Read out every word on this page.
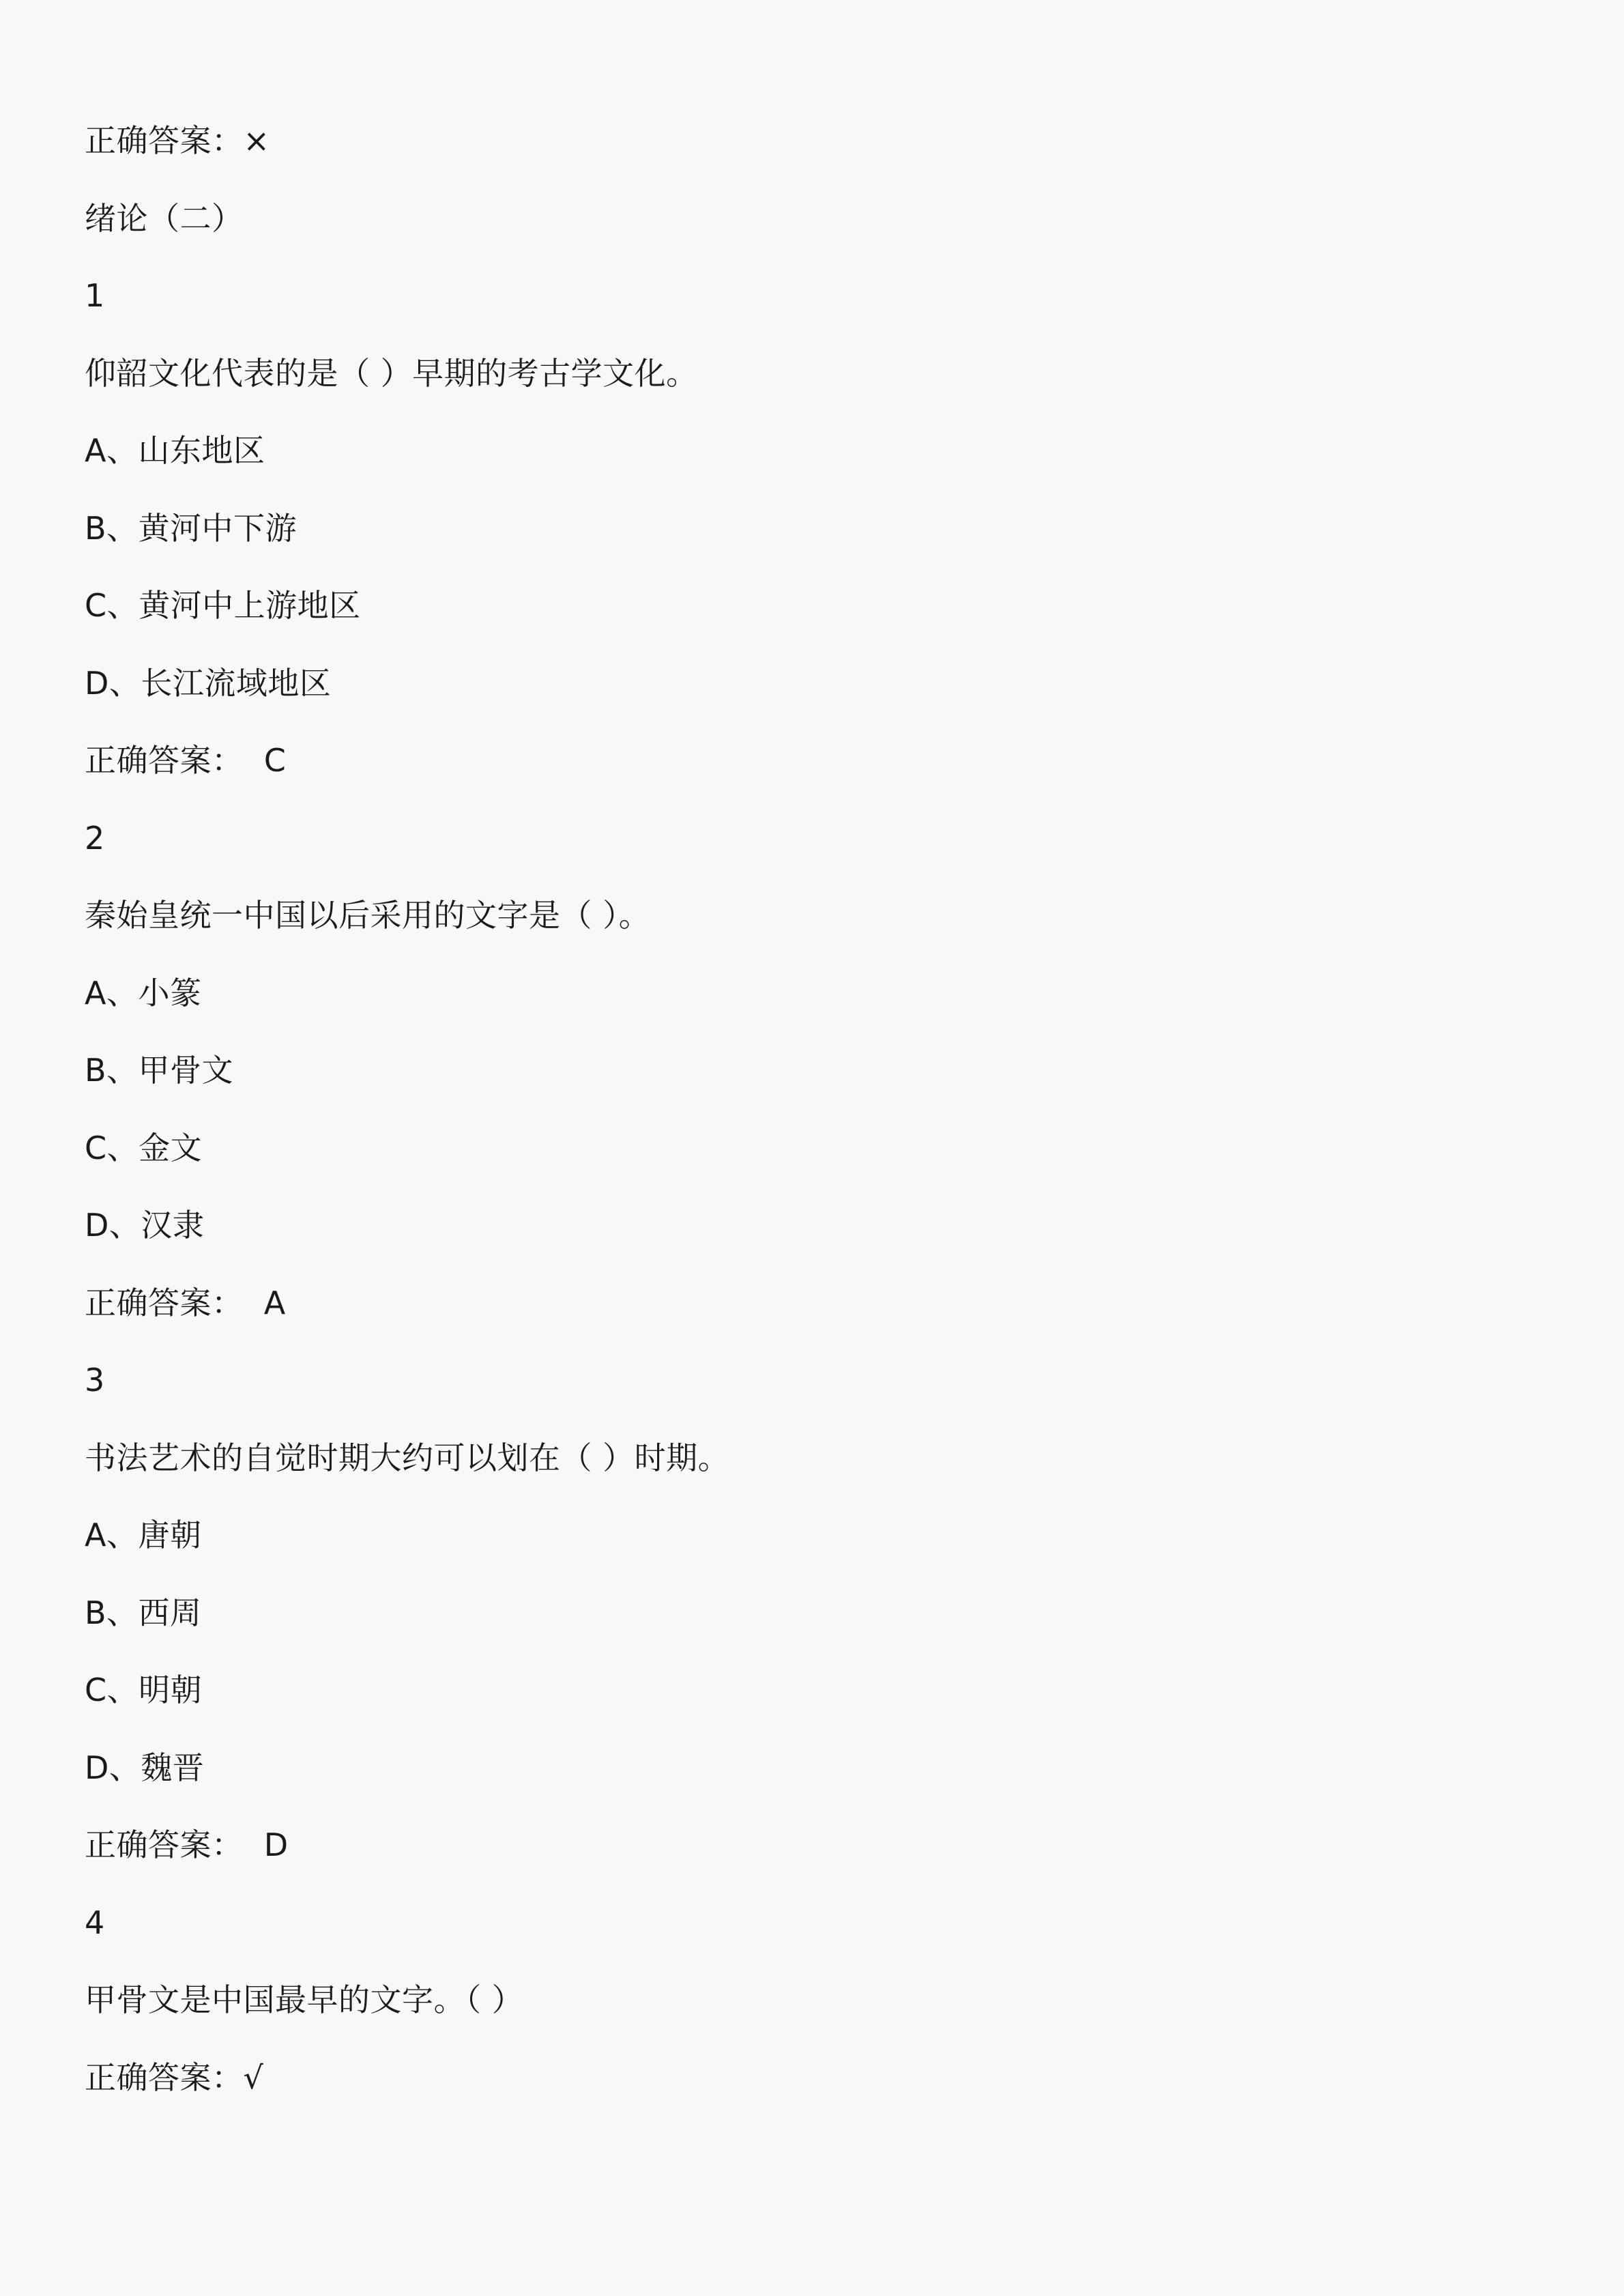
正确答案：×
绪论（二）
1
仰韶文化代表的是（ ）早期的考古学文化。
A、山东地区
B、黄河中下游
C、黄河中上游地区
D、长江流域地区
正确答案：  C
2
秦始皇统一中国以后采用的文字是（ ）。
A、小篆
B、甲骨文
C、金文
D、汉隶
正确答案：  A
3
书法艺术的自觉时期大约可以划在（ ）时期。
A、唐朝
B、西周
C、明朝
D、魏晋
正确答案：  D
4
甲骨文是中国最早的文字。（ ）
正确答案：√
